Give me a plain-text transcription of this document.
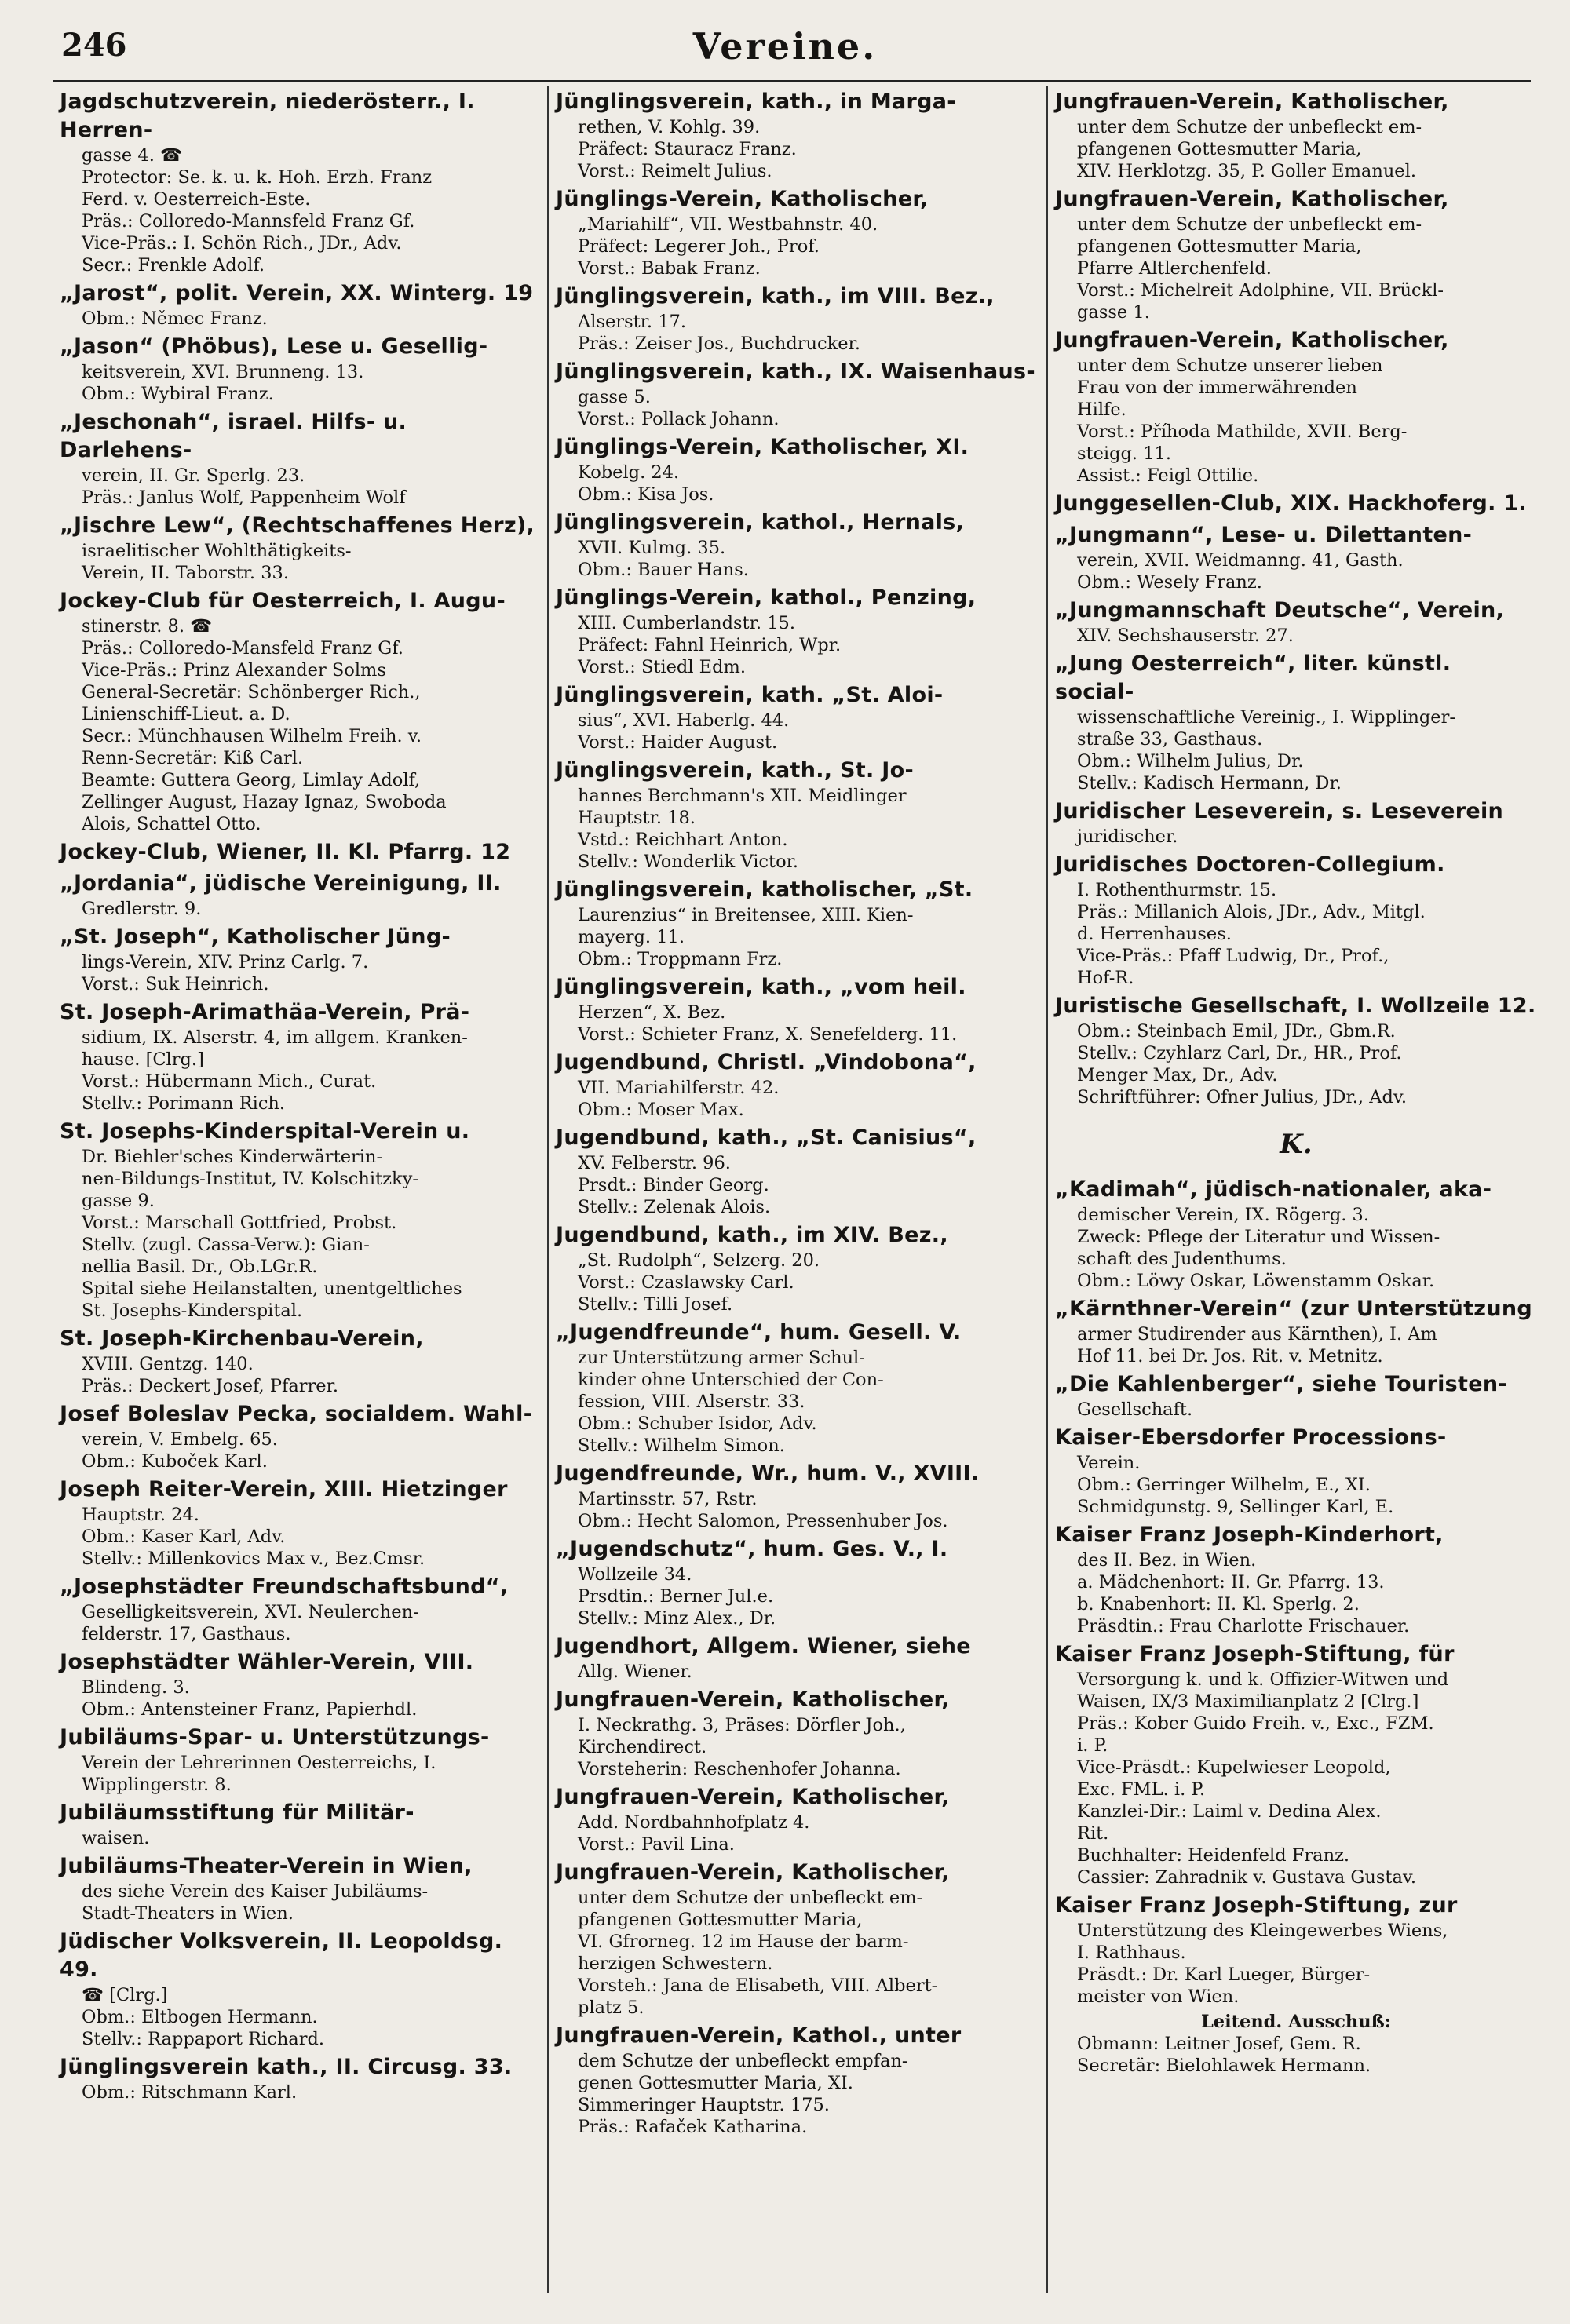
246	Vereine.
Jagdschutzverein, niederösterr., I. Herren-
gasse 4. ☎
Protector: Se. k. u. k. Hoh. Erzh. Franz
Ferd. v. Oesterreich-Este.
Präs.: Colloredo-Mannsfeld Franz Gf.
Vice-Präs.: I. Schön Rich., JDr., Adv.
Secr.: Frenkle Adolf.
„Jarost“, polit. Verein, XX. Winterg. 19
Obm.: Němec Franz.
„Jason“ (Phöbus), Lese u. Gesellig-
keitsverein, XVI. Brunneng. 13.
Obm.: Wybiral Franz.
„Jeschonah“, israel. Hilfs- u. Darlehens-
verein, II. Gr. Sperlg. 23.
Präs.: Janlus Wolf, Pappenheim Wolf
„Jischre Lew“, (Rechtschaffenes Herz),
israelitischer Wohlthätigkeits-
Verein, II. Taborstr. 33.
Jockey-Club für Oesterreich, I. Augu-
stinerstr. 8. ☎
Präs.: Colloredo-Mansfeld Franz Gf.
Vice-Präs.: Prinz Alexander Solms
General-Secretär: Schönberger Rich.,
Linienschiff-Lieut. a. D.
Secr.: Münchhausen Wilhelm Freih. v.
Renn-Secretär: Kiß Carl.
Beamte: Guttera Georg, Limlay Adolf,
Zellinger August, Hazay Ignaz, Swoboda
Alois, Schattel Otto.
Jockey-Club, Wiener, II. Kl. Pfarrg. 12
„Jordania“, jüdische Vereinigung, II.
Gredlerstr. 9.
„St. Joseph“, Katholischer Jüng-
lings-Verein, XIV. Prinz Carlg. 7.
Vorst.: Suk Heinrich.
St. Joseph-Arimathäa-Verein, Prä-
sidium, IX. Alserstr. 4, im allgem. Kranken-
hause. [Clrg.]
Vorst.: Hübermann Mich., Curat.
Stellv.: Porimann Rich.
St. Josephs-Kinderspital-Verein u.
Dr. Biehler'sches Kinderwärterin-
nen-Bildungs-Institut, IV. Kolschitzky-
gasse 9.
Vorst.: Marschall Gottfried, Probst.
Stellv. (zugl. Cassa-Verw.): Gian-
nellia Basil. Dr., Ob.LGr.R.
Spital siehe Heilanstalten, unentgeltliches
St. Josephs-Kinderspital.
St. Joseph-Kirchenbau-Verein,
XVIII. Gentzg. 140.
Präs.: Deckert Josef, Pfarrer.
Josef Boleslav Pecka, socialdem. Wahl-
verein, V. Embelg. 65.
Obm.: Kuboček Karl.
Joseph Reiter-Verein, XIII. Hietzinger
Hauptstr. 24.
Obm.: Kaser Karl, Adv.
Stellv.: Millenkovics Max v., Bez.Cmsr.
„Josephstädter Freundschaftsbund“,
Geselligkeitsverein, XVI. Neulerchen-
felderstr. 17, Gasthaus.
Josephstädter Wähler-Verein, VIII.
Blindeng. 3.
Obm.: Antensteiner Franz, Papierhdl.
Jubiläums-Spar- u. Unterstützungs-
Verein der Lehrerinnen Oesterreichs, I.
Wipplingerstr. 8.
Jubiläumsstiftung für Militär-
waisen.
Jubiläums-Theater-Verein in Wien,
des siehe Verein des Kaiser Jubiläums-
Stadt-Theaters in Wien.
Jüdischer Volksverein, II. Leopoldsg. 49.
☎ [Clrg.]
Obm.: Eltbogen Hermann.
Stellv.: Rappaport Richard.
Jünglingsverein kath., II. Circusg. 33.
Obm.: Ritschmann Karl.
Jünglingsverein, kath., in Marga-
rethen, V. Kohlg. 39.
Präfect: Stauracz Franz.
Vorst.: Reimelt Julius.
Jünglings-Verein, Katholischer,
„Mariahilf“, VII. Westbahnstr. 40.
Präfect: Legerer Joh., Prof.
Vorst.: Babak Franz.
Jünglingsverein, kath., im VIII. Bez.,
Alserstr. 17.
Präs.: Zeiser Jos., Buchdrucker.
Jünglingsverein, kath., IX. Waisenhaus-
gasse 5.
Vorst.: Pollack Johann.
Jünglings-Verein, Katholischer, XI.
Kobelg. 24.
Obm.: Kisa Jos.
Jünglingsverein, kathol., Hernals,
XVII. Kulmg. 35.
Obm.: Bauer Hans.
Jünglings-Verein, kathol., Penzing,
XIII. Cumberlandstr. 15.
Präfect: Fahnl Heinrich, Wpr.
Vorst.: Stiedl Edm.
Jünglingsverein, kath. „St. Aloi-
sius“, XVI. Haberlg. 44.
Vorst.: Haider August.
Jünglingsverein, kath., St. Jo-
hannes Berchmann's XII. Meidlinger
Hauptstr. 18.
Vstd.: Reichhart Anton.
Stellv.: Wonderlik Victor.
Jünglingsverein, katholischer, „St.
Laurenzius“ in Breitensee, XIII. Kien-
mayerg. 11.
Obm.: Troppmann Frz.
Jünglingsverein, kath., „vom heil.
Herzen“, X. Bez.
Vorst.: Schieter Franz, X. Senefelderg. 11.
Jugendbund, Christl. „Vindobona“,
VII. Mariahilferstr. 42.
Obm.: Moser Max.
Jugendbund, kath., „St. Canisius“,
XV. Felberstr. 96.
Prsdt.: Binder Georg.
Stellv.: Zelenak Alois.
Jugendbund, kath., im XIV. Bez.,
„St. Rudolph“, Selzerg. 20.
Vorst.: Czaslawsky Carl.
Stellv.: Tilli Josef.
„Jugendfreunde“, hum. Gesell. V.
zur Unterstützung armer Schul-
kinder ohne Unterschied der Con-
fession, VIII. Alserstr. 33.
Obm.: Schuber Isidor, Adv.
Stellv.: Wilhelm Simon.
Jugendfreunde, Wr., hum. V., XVIII.
Martinsstr. 57, Rstr.
Obm.: Hecht Salomon, Pressenhuber Jos.
„Jugendschutz“, hum. Ges. V., I.
Wollzeile 34.
Prsdtin.: Berner Jul.e.
Stellv.: Minz Alex., Dr.
Jugendhort, Allgem. Wiener, siehe
Allg. Wiener.
Jungfrauen-Verein, Katholischer,
I. Neckrathg. 3, Präses: Dörfler Joh.,
Kirchendirect.
Vorsteherin: Reschenhofer Johanna.
Jungfrauen-Verein, Katholischer,
Add. Nordbahnhofplatz 4.
Vorst.: Pavil Lina.
Jungfrauen-Verein, Katholischer,
unter dem Schutze der unbefleckt em-
pfangenen Gottesmutter Maria,
VI. Gfrorneg. 12 im Hause der barm-
herzigen Schwestern.
Vorsteh.: Jana de Elisabeth, VIII. Albert-
platz 5.
Jungfrauen-Verein, Kathol., unter
dem Schutze der unbefleckt empfan-
genen Gottesmutter Maria, XI.
Simmeringer Hauptstr. 175.
Präs.: Rafaček Katharina.
Jungfrauen-Verein, Katholischer,
unter dem Schutze der unbefleckt em-
pfangenen Gottesmutter Maria,
XIV. Herklotzg. 35, P. Goller Emanuel.
Jungfrauen-Verein, Katholischer,
unter dem Schutze der unbefleckt em-
pfangenen Gottesmutter Maria,
Pfarre Altlerchenfeld.
Vorst.: Michelreit Adolphine, VII. Brückl-
gasse 1.
Jungfrauen-Verein, Katholischer,
unter dem Schutze unserer lieben
Frau von der immerwährenden
Hilfe.
Vorst.: Příhoda Mathilde, XVII. Berg-
steigg. 11.
Assist.: Feigl Ottilie.
Junggesellen-Club, XIX. Hackhoferg. 1.
„Jungmann“, Lese- u. Dilettanten-
verein, XVII. Weidmanng. 41, Gasth.
Obm.: Wesely Franz.
„Jungmannschaft Deutsche“, Verein,
XIV. Sechshauserstr. 27.
„Jung Oesterreich“, liter. künstl. social-
wissenschaftliche Vereinig., I. Wipplinger-
straße 33, Gasthaus.
Obm.: Wilhelm Julius, Dr.
Stellv.: Kadisch Hermann, Dr.
Juridischer Leseverein, s. Leseverein
juridischer.
Juridisches Doctoren-Collegium.
I. Rothenthurmstr. 15.
Präs.: Millanich Alois, JDr., Adv., Mitgl.
d. Herrenhauses.
Vice-Präs.: Pfaff Ludwig, Dr., Prof.,
Hof-R.
Juristische Gesellschaft, I. Wollzeile 12.
Obm.: Steinbach Emil, JDr., Gbm.R.
Stellv.: Czyhlarz Carl, Dr., HR., Prof.
Menger Max, Dr., Adv.
Schriftführer: Ofner Julius, JDr., Adv.
K.
„Kadimah“, jüdisch-nationaler, aka-
demischer Verein, IX. Rögerg. 3.
Zweck: Pflege der Literatur und Wissen-
schaft des Judenthums.
Obm.: Löwy Oskar, Löwenstamm Oskar.
„Kärnthner-Verein“ (zur Unterstützung
armer Studirender aus Kärnthen), I. Am
Hof 11. bei Dr. Jos. Rit. v. Metnitz.
„Die Kahlenberger“, siehe Touristen-
Gesellschaft.
Kaiser-Ebersdorfer Processions-
Verein.
Obm.: Gerringer Wilhelm, E., XI.
Schmidgunstg. 9, Sellinger Karl, E.
Kaiser Franz Joseph-Kinderhort,
des II. Bez. in Wien.
a. Mädchenhort: II. Gr. Pfarrg. 13.
b. Knabenhort: II. Kl. Sperlg. 2.
Präsdtin.: Frau Charlotte Frischauer.
Kaiser Franz Joseph-Stiftung, für
Versorgung k. und k. Offizier-Witwen und
Waisen, IX/3 Maximilianplatz 2 [Clrg.]
Präs.: Kober Guido Freih. v., Exc., FZM.
i. P.
Vice-Präsdt.: Kupelwieser Leopold,
Exc. FML. i. P.
Kanzlei-Dir.: Laiml v. Dedina Alex.
Rit.
Buchhalter: Heidenfeld Franz.
Cassier: Zahradnik v. Gustava Gustav.
Kaiser Franz Joseph-Stiftung, zur
Unterstützung des Kleingewerbes Wiens,
I. Rathhaus.
Präsdt.: Dr. Karl Lueger, Bürger-
meister von Wien.
Leitend. Ausschuß:
Obmann: Leitner Josef, Gem. R.
Secretär: Bielohlawek Hermann.
